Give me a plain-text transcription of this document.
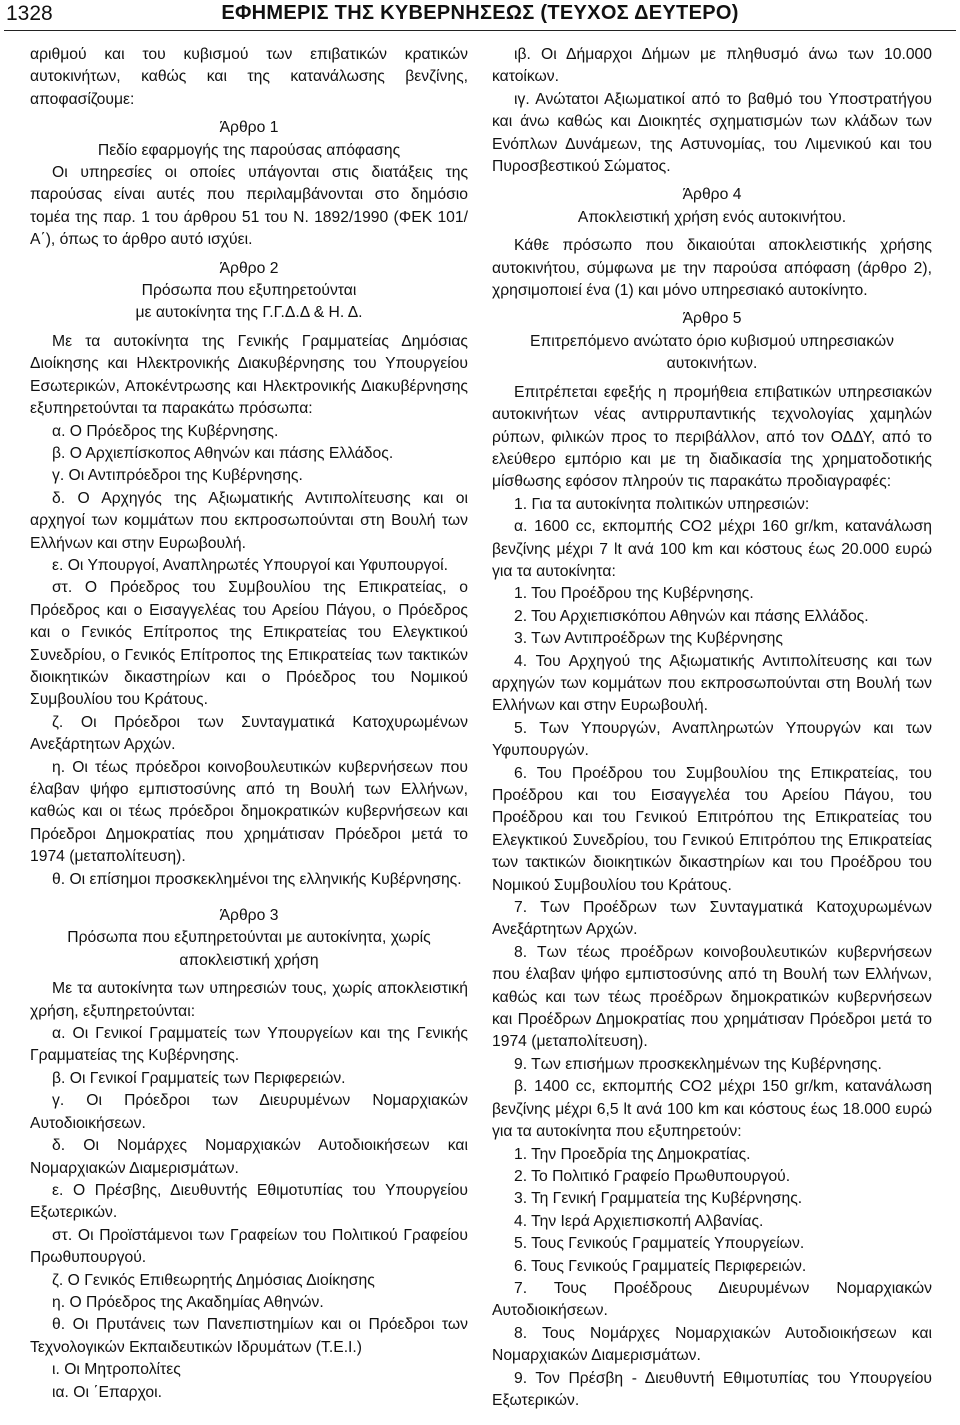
1328	ΕΦΗΜΕΡΙΣ ΤΗΣ ΚΥΒΕΡΝΗΣΕΩΣ (ΤΕΥΧΟΣ ΔΕΥΤΕΡΟ)

αριθμού και του κυβισμού των επιβατικών κρατικών αυτοκινήτων, καθώς και της κατανάλωσης βενζίνης, αποφασίζουμε:

Άρθρο 1

Πεδίο εφαρμογής της παρούσας απόφασης

Οι υπηρεσίες οι οποίες υπάγονται στις διατάξεις της παρούσας είναι αυτές που περιλαμβάνονται στο δημόσιο τομέα της παρ. 1 του άρθρου 51 του Ν. 1892/1990 (ΦΕΚ 101/Α΄), όπως το άρθρο αυτό ισχύει.

Άρθρο 2

Πρόσωπα που εξυπηρετούνται

με αυτοκίνητα της Γ.Γ.Δ.Δ & Η. Δ.

Με τα αυτοκίνητα της Γενικής Γραμματείας Δημόσιας Διοίκησης και Ηλεκτρονικής Διακυβέρνησης του Υπουργείου Εσωτερικών, Αποκέντρωσης και Ηλεκτρονικής Διακυβέρνησης εξυπηρετούνται τα παρακάτω πρόσωπα:

α. Ο Πρόεδρος της Κυβέρνησης.

β. Ο Αρχιεπίσκοπος Αθηνών και πάσης Ελλάδος.

γ. Οι Αντιπρόεδροι της Κυβέρνησης.

δ. Ο Αρχηγός της Αξιωματικής Αντιπολίτευσης και οι αρχηγοί των κομμάτων που εκπροσωπούνται στη Βουλή των Ελλήνων και στην Ευρωβουλή.

ε. Οι Υπουργοί, Αναπληρωτές Υπουργοί και Υφυπουργοί.

στ. Ο Πρόεδρος του Συμβουλίου της Επικρατείας, ο Πρόεδρος και ο Εισαγγελέας του Αρείου Πάγου, ο Πρόεδρος και ο Γενικός Επίτροπος της Επικρατείας του Ελεγκτικού Συνεδρίου, ο Γενικός Επίτροπος της Επικρατείας των τακτικών διοικητικών δικαστηρίων και ο Πρόεδρος του Νομικού Συμβουλίου του Κράτους.

ζ. Οι Πρόεδροι των Συνταγματικά Κατοχυρωμένων Ανεξάρτητων Αρχών.

η. Οι τέως πρόεδροι κοινοβουλευτικών κυβερνήσεων που έλαβαν ψήφο εμπιστοσύνης από τη Βουλή των Ελλήνων, καθώς και οι τέως πρόεδροι δημοκρατικών κυβερνήσεων και Πρόεδροι Δημοκρατίας που χρημάτισαν Πρόεδροι μετά το 1974 (μεταπολίτευση).

θ. Οι επίσημοι προσκεκλημένοι της ελληνικής Κυβέρνησης.

Άρθρο 3

Πρόσωπα που εξυπηρετούνται με αυτοκίνητα, χωρίς αποκλειστική χρήση

Με τα αυτοκίνητα των υπηρεσιών τους, χωρίς αποκλειστική χρήση, εξυπηρετούνται:

α. Οι Γενικοί Γραμματείς των Υπουργείων και της Γενικής Γραμματείας της Κυβέρνησης.

β. Οι Γενικοί Γραμματείς των Περιφερειών.

γ. Οι Πρόεδροι των Διευρυμένων Νομαρχιακών Αυτοδιοικήσεων.

δ. Οι Νομάρχες Νομαρχιακών Αυτοδιοικήσεων και Νομαρχιακών Διαμερισμάτων.

ε. Ο Πρέσβης, Διευθυντής Εθιμοτυπίας του Υπουργείου Εξωτερικών.

στ. Οι Προϊστάμενοι των Γραφείων του Πολιτικού Γραφείου Πρωθυπουργού.

ζ. Ο Γενικός Επιθεωρητής Δημόσιας Διοίκησης

η. Ο Πρόεδρος της Ακαδημίας Αθηνών.

θ. Οι Πρυτάνεις των Πανεπιστημίων και οι Πρόεδροι των Τεχνολογικών Εκπαιδευτικών Ιδρυμάτων (Τ.Ε.Ι.)

ι. Οι Μητροπολίτες

ια. Οι ΄Επαρχοι.

ιβ. Οι Δήμαρχοι Δήμων με πληθυσμό άνω των 10.000 κατοίκων.

ιγ. Ανώτατοι Αξιωματικοί από το βαθμό του Υποστρατήγου και άνω καθώς και Διοικητές σχηματισμών των κλάδων των Ενόπλων Δυνάμεων, της Αστυνομίας, του Λιμενικού και του Πυροσβεστικού Σώματος.

Άρθρο 4

Αποκλειστική χρήση ενός αυτοκινήτου.

Κάθε πρόσωπο που δικαιούται αποκλειστικής χρήσης αυτοκινήτου, σύμφωνα με την παρούσα απόφαση (άρθρο 2), χρησιμοποιεί ένα (1) και μόνο υπηρεσιακό αυτοκίνητο.

Άρθρο 5

Επιτρεπόμενο ανώτατο όριο κυβισμού υπηρεσιακών αυτοκινήτων.

Επιτρέπεται εφεξής η προμήθεια επιβατικών υπηρεσιακών αυτοκινήτων νέας αντιρρυπαντικής τεχνολογίας χαμηλών ρύπων, φιλικών προς το περιβάλλον, από τον ΟΔΔΥ, από το ελεύθερο εμπόριο και με τη διαδικασία της χρηματοδοτικής μίσθωσης εφόσον πληρούν τις παρακάτω προδιαγραφές:

1. Για τα αυτοκίνητα πολιτικών υπηρεσιών:

α. 1600 cc, εκπομπής CO2 μέχρι 160 gr/km, κατανάλωση βενζίνης μέχρι 7 lt ανά 100 km και κόστους έως 20.000 ευρώ για τα αυτοκίνητα:

1. Του Προέδρου της Κυβέρνησης.

2. Του Αρχιεπισκόπου Αθηνών και πάσης Ελλάδος.

3. Των Αντιπροέδρων της Κυβέρνησης

4. Του Αρχηγού της Αξιωματικής Αντιπολίτευσης και των αρχηγών των κομμάτων που εκπροσωπούνται στη Βουλή των Ελλήνων και στην Ευρωβουλή.

5. Των Υπουργών, Αναπληρωτών Υπουργών και των Υφυπουργών.

6. Του Προέδρου του Συμβουλίου της Επικρατείας, του Προέδρου και του Εισαγγελέα του Αρείου Πάγου, του Προέδρου και του Γενικού Επιτρόπου της Επικρατείας του Ελεγκτικού Συνεδρίου, του Γενικού Επιτρόπου της Επικρατείας των τακτικών διοικητικών δικαστηρίων και του Προέδρου του Νομικού Συμβουλίου του Κράτους.

7. Των Προέδρων των Συνταγματικά Κατοχυρωμένων Ανεξάρτητων Αρχών.

8. Των τέως προέδρων κοινοβουλευτικών κυβερνήσεων που έλαβαν ψήφο εμπιστοσύνης από τη Βουλή των Ελλήνων, καθώς και των τέως προέδρων δημοκρατικών κυβερνήσεων και Προέδρων Δημοκρατίας που χρημάτισαν Πρόεδροι μετά το 1974 (μεταπολίτευση).

9. Των επισήμων προσκεκλημένων της Κυβέρνησης.

β. 1400 cc, εκπομπής CO2 μέχρι 150 gr/km, κατανάλωση βενζίνης μέχρι 6,5 lt ανά 100 km και κόστους έως 18.000 ευρώ για τα αυτοκίνητα που εξυπηρετούν:

1. Την Προεδρία της Δημοκρατίας.

2. Το Πολιτικό Γραφείο Πρωθυπουργού.

3. Τη Γενική Γραμματεία της Κυβέρνησης.

4. Την Ιερά Αρχιεπισκοπή Αλβανίας.

5. Τους Γενικούς Γραμματείς Υπουργείων.

6. Τους Γενικούς Γραμματείς Περιφερειών.

7. Τους Προέδρους Διευρυμένων Νομαρχιακών Αυτοδιοικήσεων.

8. Τους Νομάρχες Νομαρχιακών Αυτοδιοικήσεων και Νομαρχιακών Διαμερισμάτων.

9. Τον Πρέσβη - Διευθυντή Εθιμοτυπίας του Υπουργείου Εξωτερικών.
